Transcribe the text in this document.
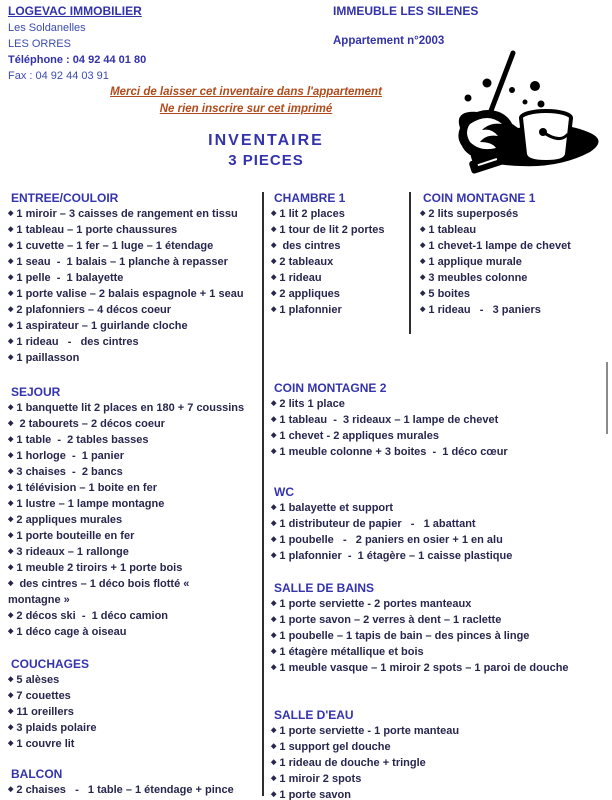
LOGEVAC IMMOBILIER
Les Soldanelles
LES ORRES
Téléphone : 04 92 44 01 80
Fax : 04 92 44 03 91
IMMEUBLE LES SILENES
Appartement n°2003
Merci de laisser cet inventaire dans l'appartement
Ne rien inscrire sur cet imprimé
INVENTAIRE
3 PIECES
ENTREE/COULOIR
◆ 1 miroir – 3 caisses de rangement en tissu
◆ 1 tableau – 1 porte chaussures
◆ 1 cuvette – 1 fer – 1 luge – 1 étendage
◆ 1 seau  -  1 balais – 1 planche à repasser
◆ 1 pelle  -  1 balayette
◆ 1 porte valise – 2 balais espagnole + 1 seau
◆ 2 plafonniers – 4 décos coeur
◆ 1 aspirateur – 1 guirlande cloche
◆ 1 rideau   -   des cintres
◆ 1 paillasson
SEJOUR
◆ 1 banquette lit 2 places en 180 + 7 coussins
◆ 2 tabourets – 2 décos coeur
◆ 1 table  -  2 tables basses
◆ 1 horloge  -  1 panier
◆ 3 chaises  -  2 bancs
◆ 1 télévision – 1 boite en fer
◆ 1 lustre – 1 lampe montagne
◆ 2 appliques murales
◆ 1 porte bouteille en fer
◆ 3 rideaux – 1 rallonge
◆ 1 meuble 2 tiroirs + 1 porte bois
◆ des cintres – 1 déco bois flotté «
montagne »
◆ 2 décos ski  -  1 déco camion
◆ 1 déco cage à oiseau
COUCHAGES
◆ 5 alèses
◆ 7 couettes
◆ 11 oreillers
◆ 3 plaids polaire
◆ 1 couvre lit
BALCON
◆ 2 chaises   -   1 table – 1 étendage + pince
CHAMBRE 1
◆ 1 lit 2 places
◆ 1 tour de lit 2 portes
◆ des cintres
◆ 2 tableaux
◆ 1 rideau
◆ 2 appliques
◆ 1 plafonnier
COIN MONTAGNE 1
◆ 2 lits superposés
◆ 1 tableau
◆ 1 chevet-1 lampe de chevet
◆ 1 applique murale
◆ 3 meubles colonne
◆ 5 boites
◆ 1 rideau   -   3 paniers
COIN MONTAGNE 2
◆ 2 lits 1 place
◆ 1 tableau  -  3 rideaux – 1 lampe de chevet
◆ 1 chevet - 2 appliques murales
◆ 1 meuble colonne + 3 boites  -  1 déco cœur
WC
◆ 1 balayette et support
◆ 1 distributeur de papier   -   1 abattant
◆ 1 poubelle   -   2 paniers en osier + 1 en alu
◆ 1 plafonnier  -  1 étagère – 1 caisse plastique
SALLE DE BAINS
◆ 1 porte serviette - 2 portes manteaux
◆ 1 porte savon – 2 verres à dent – 1 raclette
◆ 1 poubelle – 1 tapis de bain – des pinces à linge
◆ 1 étagère métallique et bois
◆ 1 meuble vasque – 1 miroir 2 spots – 1 paroi de douche
SALLE D'EAU
◆ 1 porte serviette - 1 porte manteau
◆ 1 support gel douche
◆ 1 rideau de douche + tringle
◆ 1 miroir 2 spots
◆ 1 porte savon
